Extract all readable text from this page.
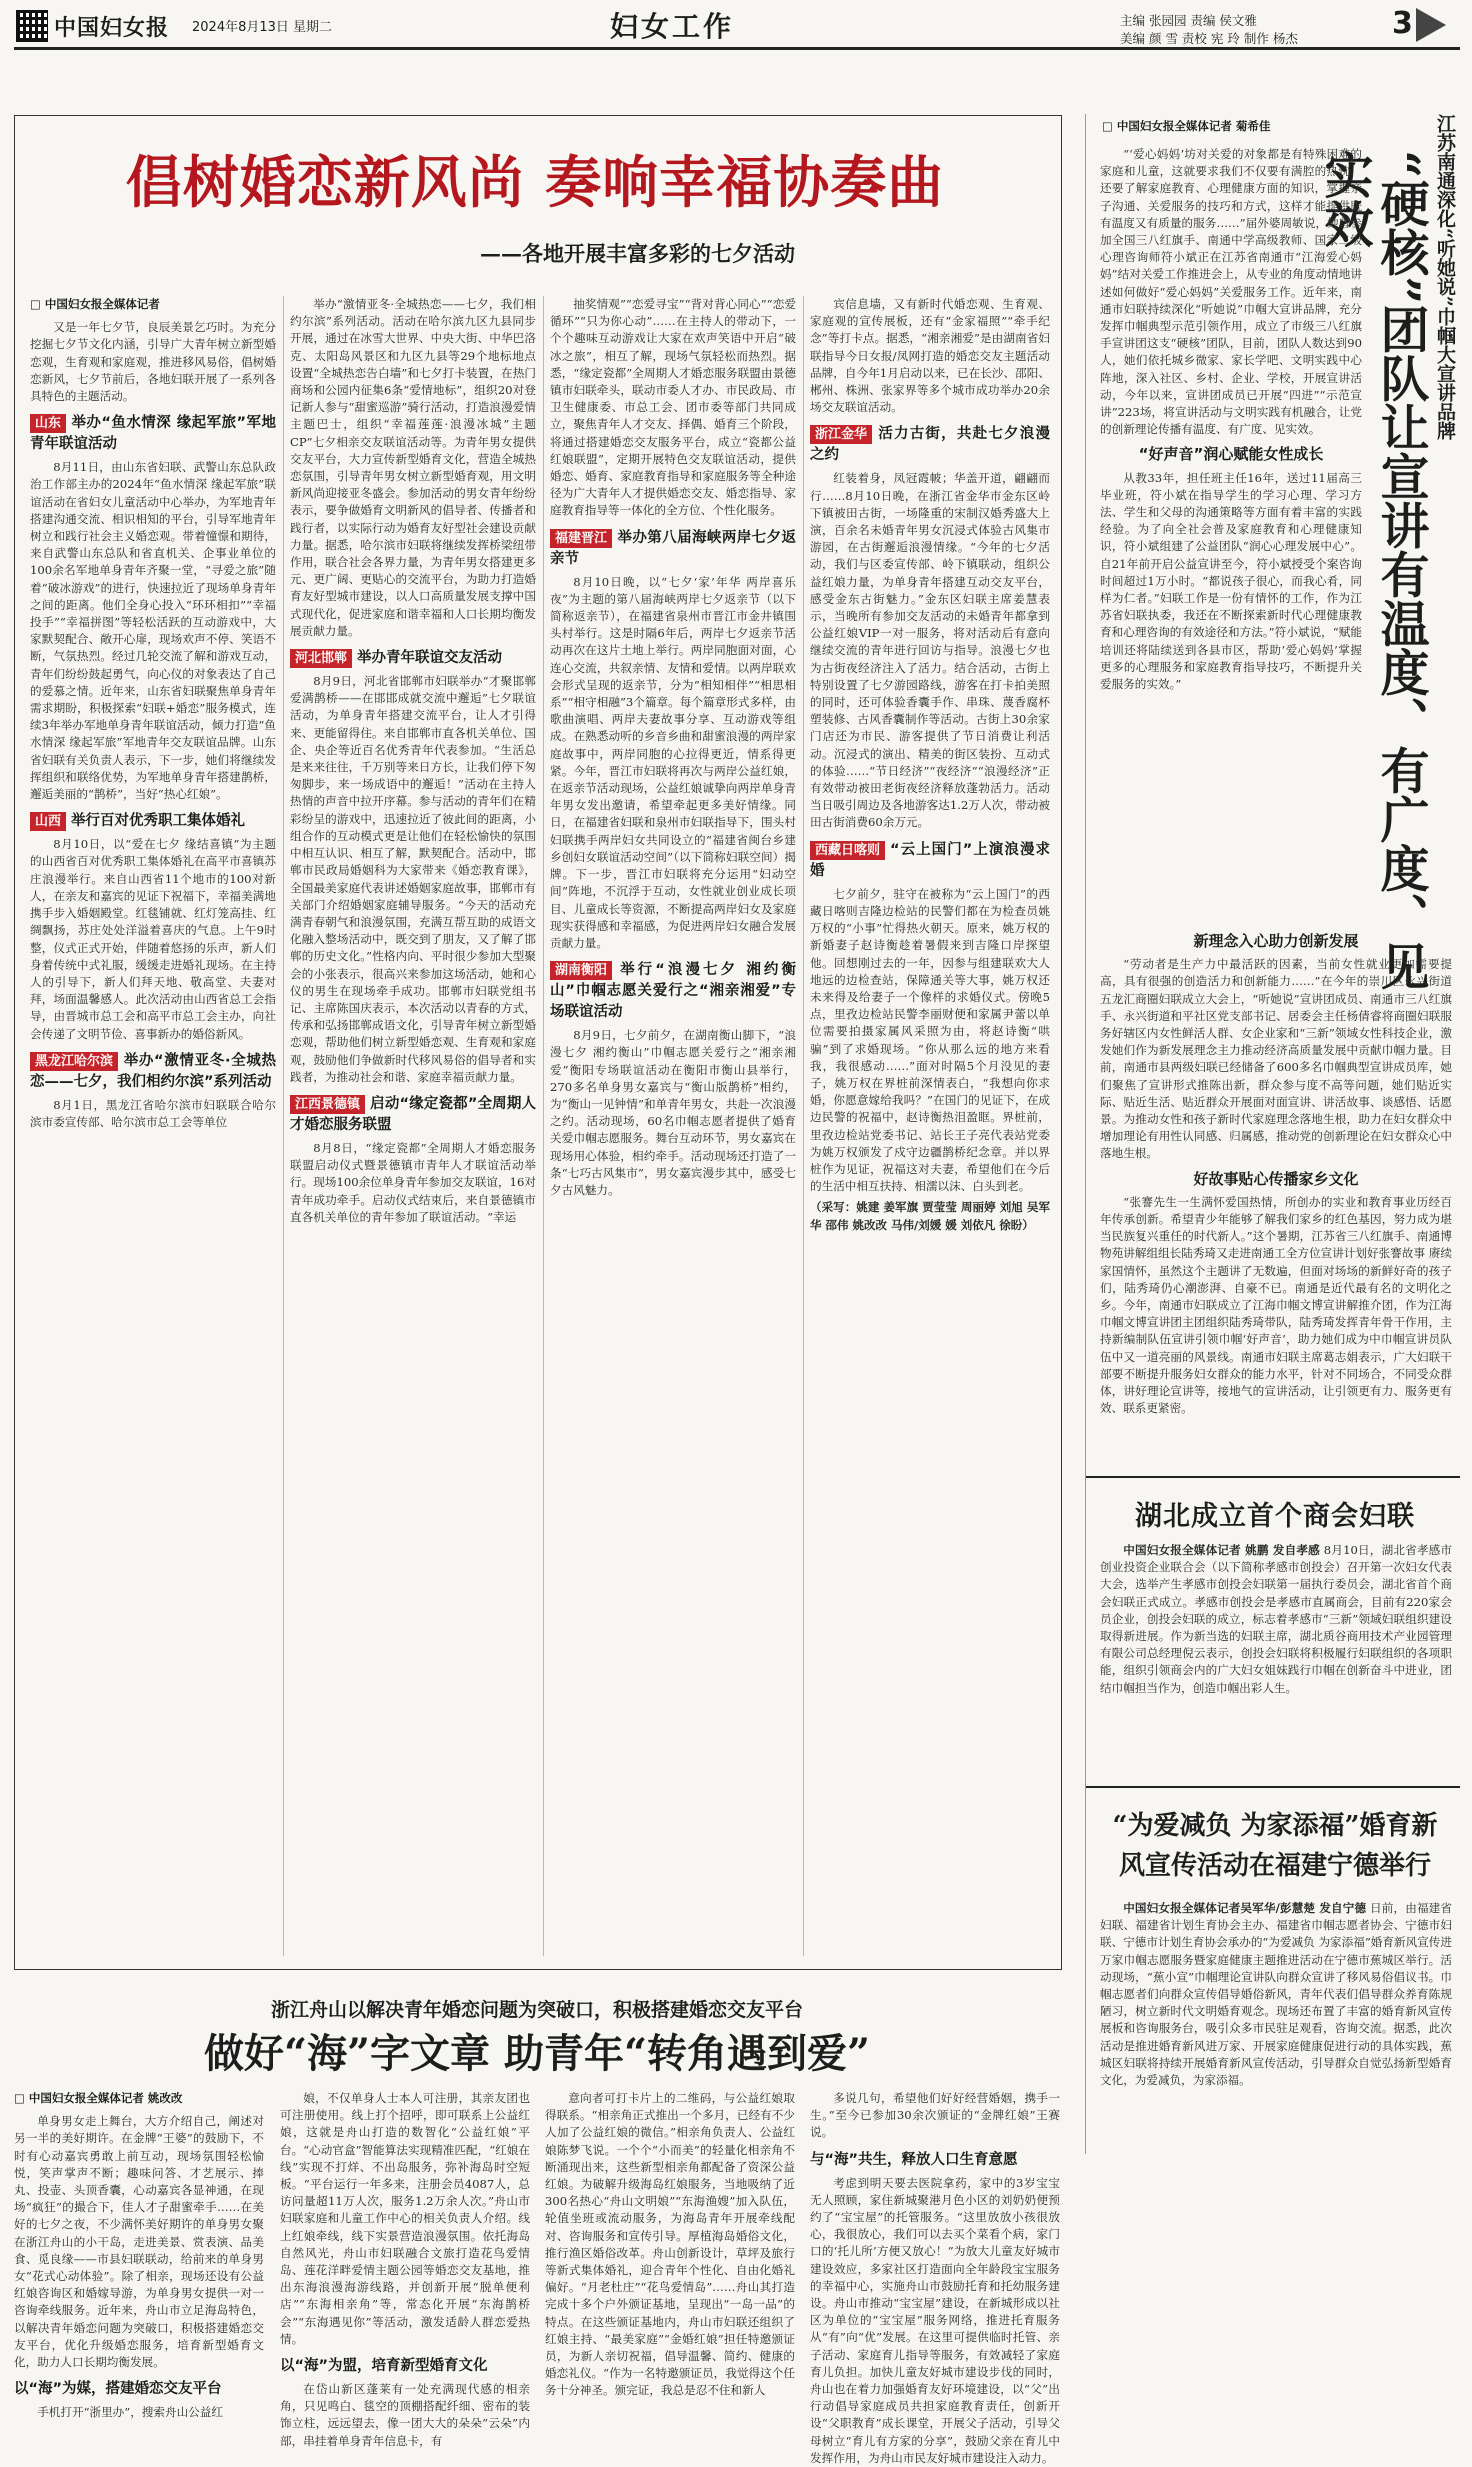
中国妇女报 2024年8月13日 星期二	妇女工作	主编 张园园 责编 侯文雅
美编 颜 雪 责校 宪 玲 制作 杨杰	3
倡树婚恋新风尚 奏响幸福协奏曲
——各地开展丰富多彩的七夕活动
□ 中国妇女报全媒体记者

又是一年七夕节，良辰美景乞巧时。为充分挖掘七夕节文化内涵，引导广大青年树立新型婚恋观，生育观和家庭观，推进移风易俗，倡树婚恋新风，七夕节前后，各地妇联开展了一系列各具特色的主题活动。

山东 举办“鱼水情深 缘起军旅”军地青年联谊活动

8月11日，由山东省妇联、武警山东总队政治工作部主办的2024年“鱼水情深 缘起军旅”联谊活动在省妇女儿童活动中心举办，为军地青年搭建沟通交流、相识相知的平台，引导军地青年树立和践行社会主义婚恋观。带着憧憬和期待，来自武警山东总队和省直机关、企事业单位的100余名军地单身青年齐聚一堂，“寻爱之旅”随着“破冰游戏”的进行，快速拉近了现场单身青年之间的距离。他们全身心投入“环环相扣”“幸福投手”“幸福拼图”等轻松活跃的互动游戏中，大家默契配合、敞开心扉，现场欢声不停、笑语不断，气氛热烈。经过几轮交流了解和游戏互动，青年们纷纷鼓起勇气，向心仪的对象表达了自己的爱慕之情。近年来，山东省妇联聚焦单身青年需求期盼，积极探索“妇联+婚恋”服务模式，连续3年举办军地单身青年联谊活动，倾力打造“鱼水情深 缘起军旅”军地青年交友联谊品牌。山东省妇联有关负责人表示，下一步，她们将继续发挥组织和联络优势，为军地单身青年搭建鹊桥，邂逅美丽的“鹊桥”，当好“热心红娘”。

山西 举行百对优秀职工集体婚礼

8月10日，以“爱在七夕 缘结喜镇”为主题的山西省百对优秀职工集体婚礼在高平市喜镇苏庄浪漫举行。来自山西省11个地市的100对新人，在亲友和嘉宾的见证下祝福下，幸福美满地携手步入婚姻殿堂。红毯铺就、红灯笼高挂、红绸飘扬，苏庄处处洋溢着喜庆的气息。上午9时整，仪式正式开始，伴随着悠扬的乐声，新人们身着传统中式礼服，缓缓走进婚礼现场。在主持人的引导下，新人们拜天地、敬高堂、夫妻对拜，场面温馨感人。此次活动由山西省总工会指导，由晋城市总工会和高平市总工会主办，向社会传递了文明节俭、喜事新办的婚俗新风。

黑龙江哈尔滨 举办“激情亚冬·全城热恋——七夕，我们相约尔滨”系列活动

8月1日，黑龙江省哈尔滨市妇联联合哈尔滨市委宣传部、哈尔滨市总工会等单位

举办“激情亚冬·全城热恋——七夕，我们相约尔滨”系列活动。活动在哈尔滨九区九县同步开展，通过在冰雪大世界、中央大街、中华巴洛克、太阳岛风景区和九区九县等29个地标地点设置“全城热恋告白墙”和七夕打卡装置，在热门商场和公园内征集6条“爱情地标”，组织20对登记新人参与“甜蜜巡游”骑行活动，打造浪漫爱情主题巴士，组织“幸福莲莲·浪漫冰城”主题CP”七夕相亲交友联谊活动等。为青年男女提供交友平台，大力宣传新型婚育文化，营造全城热恋氛围，引导青年男女树立新型婚育观，用文明新风尚迎接亚冬盛会。参加活动的男女青年纷纷表示，要争做婚育文明新风的倡导者、传播者和践行者，以实际行动为婚育友好型社会建设贡献力量。据悉，哈尔滨市妇联将继续发挥桥梁纽带作用，联合社会各界力量，为青年男女搭建更多元、更广阔、更贴心的交流平台，为助力打造婚育友好型城市建设，以人口高质量发展支撑中国式现代化，促进家庭和谐幸福和人口长期均衡发展贡献力量。

河北邯郸 举办青年联谊交友活动

8月9日，河北省邯郸市妇联举办“才聚邯郸 爱满鹊桥——在邯邯成就交流中邂逅”七夕联谊活动，为单身青年搭建交流平台，让人才引得来、更能留得住。来自邯郸市直各机关单位、国企、央企等近百名优秀青年代表参加。“生活总是来来往往，千万别等来日方长，让我们停下匆匆脚步，来一场成语中的邂逅！”活动在主持人热情的声音中拉开序幕。参与活动的青年们在精彩纷呈的游戏中，迅速拉近了彼此间的距离，小组合作的互动模式更是让他们在轻松愉快的氛围中相互认识、相互了解，默契配合。活动中，邯郸市民政局婚姻科为大家带来《婚恋教育课》，全国最美家庭代表讲述婚姻家庭故事，邯郸市有关部门介绍婚姻家庭辅导服务。“今天的活动充满青春朝气和浪漫氛围，充满互帮互助的成语文化融入整场活动中，既交到了朋友，又了解了邯郸的历史文化。”性格内向、平时很少参加大型聚会的小张表示，很高兴来参加这场活动，她和心仪的男生在现场牵手成功。邯郸市妇联党组书记、主席陈国庆表示，本次活动以青春的方式，传承和弘扬邯郸成语文化，引导青年树立新型婚恋观，帮助他们树立新型婚恋观、生育观和家庭观，鼓励他们争做新时代移风易俗的倡导者和实践者，为推动社会和谐、家庭幸福贡献力量。

江西景德镇 启动“缘定瓷都”全周期人才婚恋服务联盟

8月8日，“缘定瓷都”全周期人才婚恋服务联盟启动仪式暨景德镇市青年人才联谊活动举行。现场100余位单身青年参加交友联谊，16对青年成功牵手。启动仪式结束后，来自景德镇市直各机关单位的青年参加了联谊活动。“幸运

抽奖情观”“恋爱寻宝”“背对背心同心”“恋爱循环”“只为你心动”……在主持人的带动下，一个个趣味互动游戏让大家在欢声笑语中开启“破冰之旅”，相互了解，现场气氛轻松而热烈。据悉，“缘定瓷都”全周期人才婚恋服务联盟由景德镇市妇联牵头，联动市委人才办、市民政局、市卫生健康委、市总工会、团市委等部门共同成立，聚焦青年人才交友、择偶、婚育三个阶段，将通过搭建婚恋交友服务平台，成立“瓷都公益红娘联盟”，定期开展特色交友联谊活动，提供婚恋、婚育、家庭教育指导和家庭服务等全种途径为广大青年人才提供婚恋交友、婚恋指导、家庭教育指导等一体化的全方位、个性化服务。

福建晋江 举办第八届海峡两岸七夕返亲节

8月10日晚，以“七夕‘家’年华 两岸喜乐夜”为主题的第八届海峡两岸七夕返亲节（以下简称返亲节），在福建省泉州市晋江市金井镇围头村举行。这是时隔6年后，两岸七夕返亲节活动再次在这片土地上举行。两岸同胞面对面，心连心交流，共叙亲情、友情和爱情。以两岸联欢会形式呈现的返亲节，分为“相知相伴”“相思相系”“相守相融”3个篇章。每个篇章形式多样，由歌曲演唱、两岸夫妻故事分享、互动游戏等组成。在熟悉动听的乡音乡曲和甜蜜浪漫的两岸家庭故事中，两岸同胞的心拉得更近，情系得更紧。今年，晋江市妇联将再次与两岸公益红娘，在返亲节活动现场，公益红娘诚挚向两岸单身青年男女发出邀请，希望牵起更多美好情缘。同日，在福建省妇联和泉州市妇联指导下，围头村妇联携手两岸妇女共同设立的“福建省闽台乡建乡创妇女联谊活动空间”（以下简称妇联空间）揭牌。下一步，晋江市妇联将充分运用“妇动空间”阵地，不沉浮于互动，女性就业创业成长项目、儿童成长等资源，不断提高两岸妇女及家庭现实获得感和幸福感，为促进两岸妇女融合发展贡献力量。

湖南衡阳 举行“浪漫七夕 湘约衡山”巾帼志愿关爱行之“湘亲湘爱”专场联谊活动

8月9日，七夕前夕，在湖南衡山脚下，“浪漫七夕 湘约衡山”巾帼志愿关爱行之“湘亲湘爱”衡阳专场联谊活动在衡阳市衡山县举行，270多名单身男女嘉宾与“衡山版鹊桥”相约，为“衡山一见钟情”和单青年男女，共赴一次浪漫之约。活动现场，60名巾帼志愿者提供了婚育关爱巾帼志愿服务。舞台互动环节，男女嘉宾在现场用心体验，相约牵手。活动现场还打造了一条“七巧古风集市”，男女嘉宾漫步其中，感受七夕古风魅力。

宾信息墙，又有新时代婚恋观、生育观、家庭观的宣传展板，还有“金家福照”“牵手纪念”等打卡点。据悉，“湘亲湘爱”是由湖南省妇联指导今日女报/凤网打造的婚恋交友主题活动品牌，自今年1月启动以来，已在长沙、邵阳、郴州、株洲、张家界等多个城市成功举办20余场交友联谊活动。

浙江金华 活力古街，共赴七夕浪漫之约

红装着身，凤冠霞帔；华盖开道，翩翩而行……8月10日晚，在浙江省金华市金东区岭下镇被田古街，一场隆重的宋制汉婚秀盛大上演，百余名未婚青年男女沉浸式体验古风集市游园，在古街邂逅浪漫情缘。“今年的七夕活动，我们与区委宣传部、岭下镇联动，组织公益红娘力量，为单身青年搭建互动交友平台，感受金东古街魅力。”金东区妇联主席姜慧表示，当晚所有参加交友活动的未婚青年都拿到公益红娘VIP一对一服务，将对活动后有意向继续交流的青年进行回访与指导。浪漫七夕也为古街夜经济注入了活力。结合活动，古街上特别设置了七夕游园路线，游客在打卡拍美照的同时，还可体验香囊手作、串珠、蔑香腐杯塑装修、古风香囊制作等活动。古街上30余家门店还为市民、游客提供了节日消费让利活动。沉浸式的演出、精美的街区装扮、互动式的体验……“节日经济”“夜经济”“浪漫经济”正有效带动被田老街夜经济释放蓬勃活力。活动当日吸引周边及各地游客达1.2万人次，带动被田古街消费60余万元。

西藏日喀则 “云上国门”上演浪漫求婚

七夕前夕，驻守在被称为“云上国门”的西藏日喀则吉隆边检站的民警们都在为检查员姚万权的“小事”忙得热火朝天。原来，姚万权的新婚妻子赵诗衡趁着暑假来到吉隆口岸探望他。回想刚过去的一年，因参与组建联欢大人地远的边检查站，保障通关等大事，姚万权还未来得及给妻子一个像样的求婚仪式。傍晚5点，里孜边检站民警李丽财便和家属尹蕾以单位需要拍摄家属风采照为由，将赵诗衡“哄骗”到了求婚现场。“你从那么远的地方来看我，我很感动……”面对时隔5个月没见的妻子，姚万权在界桩前深情表白，“我想向你求婚，你愿意嫁给我吗？”在国门的见证下，在成边民警的祝福中，赵诗衡热泪盈眶。界桩前，里孜边检站党委书记、站长王子亮代表站党委为姚万权颁发了戍守边疆鹊桥纪念章。并以界桩作为见证，祝福这对夫妻，希望他们在今后的生活中相互扶持、相濡以沫、白头到老。

（采写：姚建 姜军旗 贾莹莹 周丽婷 刘旭 吴军华 邵伟 姚改改 马伟/刘媛 媛 刘依凡 徐盼）
□ 中国妇女报全媒体记者 菊希佳	江苏南通深化“听她说”巾帼大宣讲品牌
“硬核”团队让宣讲有温度、有广度、见实效

“‘爱心妈妈’坊对关爱的对象都是有特殊困难的家庭和儿童，这就要求我们不仅要有满腔的热忱，还要了解家庭教育、心理健康方面的知识，掌握亲子沟通、关爱服务的技巧和方式，这样才能提供既有温度又有质量的服务……”届外婆周敏说，她曾参加全国三八红旗手、南通中学高级教师、国家二级心理咨询师符小斌正在江苏省南通市“江海爱心妈妈”结对关爱工作推进会上，从专业的角度动情地讲述如何做好“爱心妈妈”关爱服务工作。近年来，南通市妇联持续深化“听她说”巾帼大宣讲品牌，充分发挥巾帼典型示范引领作用，成立了市级三八红旗手宣讲团这支“硬核”团队，目前，团队人数达到90人，她们依托城乡微家、家长学吧、文明实践中心阵地，深入社区、乡村、企业、学校，开展宣讲活动，今年以来，宣讲团成员已开展“四进”“示范宣讲”223场，将宣讲活动与文明实践有机融合，让党的创新理论传播有温度、有广度、见实效。

“好声音”润心赋能女性成长

从教33年，担任班主任16年，送过11届高三毕业班，符小斌在指导学生的学习心理、学习方法、学生和父母的沟通策略等方面有着丰富的实践经验。为了向全社会普及家庭教育和心理健康知识，符小斌组建了公益团队“润心心理发展中心”。自21年前开启公益宣讲至今，符小斌授受个案咨询时间超过1万小时。“都说孩子很心，而我心肴，同样为仁者。”妇联工作是一份有情怀的工作，作为江苏省妇联执委，我还在不断探索新时代心理健康教育和心理咨询的有效途径和方法。”符小斌说，“赋能培训还将陆续送到各县市区，帮助‘爱心妈妈’掌握更多的心理服务和家庭教育指导技巧，不断提升关爱服务的实效。”

新理念入心助力创新发展

“劳动者是生产力中最活跃的因素，当前女性就业更加需要提高，具有很强的创造活力和创新能力……”在今年的崇川区永兴街道五龙汇商圈妇联成立大会上，“听她说”宣讲团成员、南通市三八红旗手、永兴街道和平社区党支部书记、居委会主任杨倩睿将商圈妇联服务好辖区内女性鲜活人群、女企业家和“三新”领域女性科技企业，激发她们作为新发展理念主力推动经济高质量发展中贡献巾帼力量。目前，南通市县两级妇联已经储备了600多名巾帼典型宣讲成员库，她们聚焦了宣讲形式推陈出新，群众参与度不高等问题，她们贴近实际、贴近生活、贴近群众开展面对面宣讲、讲活故事、谈感悟、话愿景。为推动女性和孩子新时代家庭理念落地生根，助力在妇女群众中增加理论有用性认同感、归属感，推动党的创新理论在妇女群众心中落地生根。

好故事贴心传播家乡文化

“张謇先生一生满怀爱国热情，所创办的实业和教育事业历经百年传承创新。希望青少年能够了解我们家乡的红色基因，努力成为堪当民族复兴重任的时代新人。”这个暑期，江苏省三八红旗手、南通博物苑讲解组组长陆秀琦又走进南通工全方位宣讲计划好张謇故事 赓续家国情怀，虽然这个主题讲了无数遍，但面对场场的新鲜好奇的孩子们，陆秀琦仍心潮澎湃、自豪不已。南通是近代最有名的文明化之乡。今年，南通市妇联成立了江海巾帼文博宣讲解推介团，作为江海巾帼文博宣讲团主团组织陆秀琦带队，陆秀琦发挥青年骨干作用，主持新编制队伍宣讲引领巾帼‘好声音’，助力她们成为中巾帼宣讲员队伍中又一道亮丽的风景线。南通市妇联主席葛志娟表示，广大妇联干部要不断提升服务妇女群众的能力水平，针对不同场合，不同受众群体，讲好理论宣讲等，接地气的宣讲活动，让引领更有力、服务更有效、联系更紧密。

湖北成立首个商会妇联

中国妇女报全媒体记者 姚鹏 发自孝感 8月10日，湖北省孝感市创业投资企业联合会（以下简称孝感市创投会）召开第一次妇女代表大会，选举产生孝感市创投会妇联第一届执行委员会，湖北省首个商会妇联正式成立。孝感市创投会是孝感市直属商会，目前有220家会员企业，创投会妇联的成立，标志着孝感市“三新”领域妇联组织建设取得新进展。作为新当选的妇联主席，湖北质谷商用技术产业园管理有限公司总经理倪云表示，创投会妇联将积极履行妇联组织的各项职能，组织引领商会内的广大妇女姐妹践行巾帼在创新奋斗中进业，团结巾帼担当作为，创造巾帼出彩人生。

“为爱减负 为家添福”婚育新风宣传活动在福建宁德举行

中国妇女报全媒体记者吴军华/彭慧楚 发自宁德 日前，由福建省妇联、福建省计划生育协会主办、福建省巾帼志愿者协会、宁德市妇联、宁德市计划生育协会承办的“为爱减负 为家添福”婚育新风宣传进万家巾帼志愿服务暨家庭健康主题推进活动在宁德市蕉城区举行。活动现场，“蕉小宣”巾帼理论宣讲队向群众宣讲了移风易俗倡议书。巾帼志愿者们向群众宣传倡导婚俗新风，青年代表们倡导群众养育陈规陋习，树立新时代文明婚育观念。现场还布置了丰富的婚育新风宣传展板和咨询服务台，吸引众多市民驻足观看，咨询交流。据悉，此次活动是推进婚育新风进万家、开展家庭健康促进行动的具体实践，蕉城区妇联将持续开展婚育新风宣传活动，引导群众自觉弘扬新型婚育文化，为爱减负，为家添福。

浙江舟山以解决青年婚恋问题为突破口，积极搭建婚恋交友平台
做好“海”字文章 助青年“转角遇到爱”
□ 中国妇女报全媒体记者 姚改改

单身男女走上舞台，大方介绍自己，阐述对另一半的美好期许。在金牌“王婆”的鼓励下，不时有心动嘉宾勇敢上前互动，现场氛围轻松愉悦，笑声掌声不断；趣味问答、才艺展示、捧丸、投壶、头顶香囊，心动嘉宾各显神通，在现场“疯狂”的撮合下，佳人才子甜蜜牵手……在美好的七夕之夜，不少满怀美好期许的单身男女聚在浙江舟山的小干岛，走进美景、赏表演、品美食、觅良缘——市县妇联联动，给前来的单身男女“花式心动体验”。除了相亲，现场还设有公益红娘咨询区和婚嫁导游，为单身男女提供一对一咨询牵线服务。近年来，舟山市立足海岛特色，以解决青年婚恋问题为突破口，积极搭建婚恋交友平台，优化升级婚恋服务，培育新型婚育文化，助力人口长期均衡发展。

以“海”为媒，搭建婚恋交友平台

手机打开“浙里办”，搜索舟山公益红

娘，不仅单身人士本人可注册，其亲友团也可注册使用。线上打个招呼，即可联系上公益红娘，这就是舟山打造的数智化“公益红娘”平台。“心动官盒”智能算法实现精准匹配，“红娘在线”实现不打烊、不出岛服务，弥补海岛时空短板。“平台运行一年多来，注册会员4087人，总访问量超11万人次，服务1.2万余人次。”舟山市妇联家庭和儿童工作中心的相关负责人介绍。线上红娘牵线，线下实景营造浪漫氛围。依托海岛自然风光，舟山市妇联融合文旅打造花鸟爱情岛、莲花洋畔爱情主题公园等婚恋交友基地，推出东海浪漫海游线路，并创新开展“脱单便利店”“东海相亲角”等，常态化开展“东海鹊桥会”“东海遇见你”等活动，激发适龄人群恋爱热情。

以“海”为盟，培育新型婚育文化

在岱山新区蓬莱有一处充满现代感的相亲角，只见鸣白、毯空的顶棚搭配纤细、密布的装饰立柱，远远望去，像一团大大的朵朵“云朵”内部，串挂着单身青年信息卡，有

意向者可打卡片上的二维码，与公益红娘取得联系。“相亲角正式推出一个多月，已经有不少人加了公益红娘的微信。”相亲角负责人、公益红娘陈梦飞说。一个个“小而美”的轻量化相亲角不断涌现出来，这些新型相亲角都配备了资深公益红娘。为破解升级海岛红娘服务，当地吸纳了近300名热心“舟山文明娘”“东海渔嫂”加入队伍，轮值坐班或流动服务，为海岛青年开展牵线配对、咨询服务和宣传引导。厚植海岛婚俗文化，推行渔区婚俗改革。舟山创新设计，草坪及旅行等新式集体婚礼，迎合青年个性化、自由化婚礼偏好。“月老杜庄”“花鸟爱情岛”……舟山其打造完成十多个户外颁证基地，呈现出“一岛一品”的特点。在这些颁证基地内，舟山市妇联还组织了红娘主持、“最美家庭”“金婚红娘”担任特邀颁证员，为新人亲切祝福，倡导温馨、简约、健康的婚恋礼仪。“作为一名特邀颁证员，我觉得这个任务十分神圣。颁完证，我总是忍不住和新人

多说几句，希望他们好好经营婚姻，携手一生。”至今已参加30余次颁证的“金牌红娘”王赛说。

与“海”共生，释放人口生育意愿

考虑到明天要去医院拿药，家中的3岁宝宝无人照顾，家住新城聚港月色小区的刘奶奶便预约了“宝宝屋”的托管服务。“这里放放小孩很放心，我很放心，我们可以去买个菜看个病，家门口的‘托儿所’方便又放心！”为放大儿童友好城市建设效应，多家社区打造面向全年龄段宝宝服务的幸福中心，实施舟山市鼓励托育和托幼服务建设。舟山市推动“宝宝屋”建设，在新城形成以社区为单位的“宝宝屋”服务网络，推进托育服务从“有”向“优”发展。在这里可提供临时托管、亲子活动、家庭育儿指导等服务，有效减轻了家庭育儿负担。加快儿童友好城市建设步伐的同时，舟山也在着力加强婚育友好环境建设，以“父”出行动倡导家庭成员共担家庭教育责任，创新开设“父职教育”成长课堂，开展父子活动，引导父母树立“育儿有方家的分享”，鼓励父亲在育儿中发挥作用，为舟山市民友好城市建设注入动力。
